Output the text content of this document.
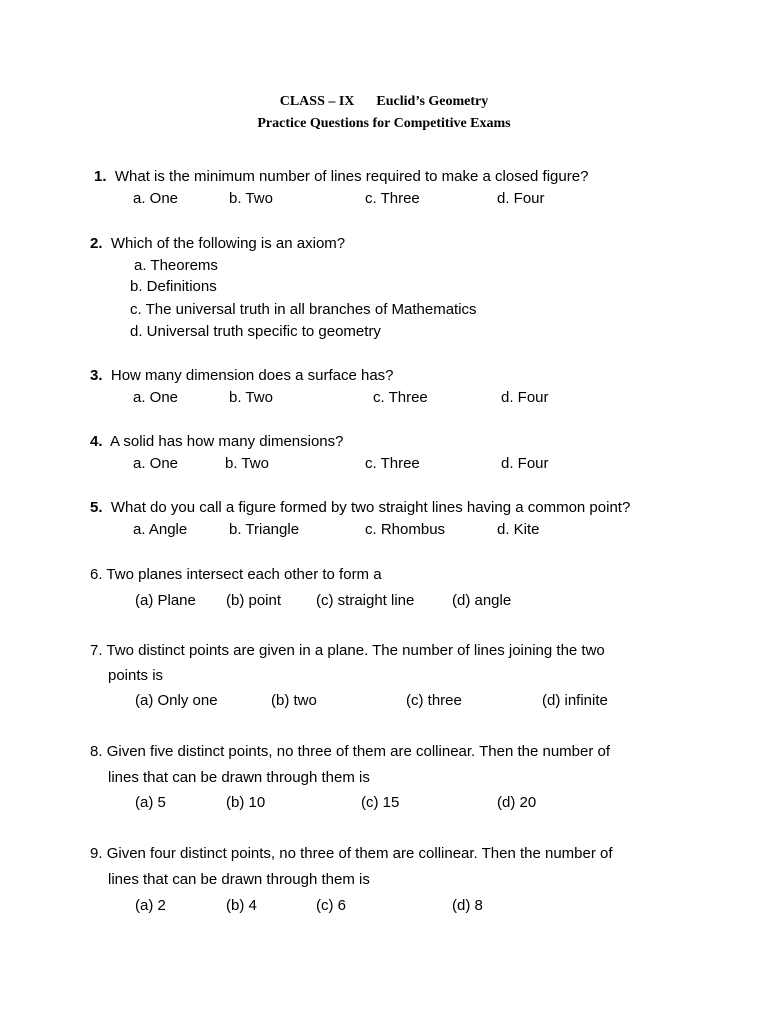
CLASS – IX Euclid’s Geometry
Practice Questions for Competitive Exams
1. What is the minimum number of lines required to make a closed figure?
a. One	b. Two	c. Three	d. Four
2. Which of the following is an axiom?
a. Theorems
b. Definitions
c. The universal truth in all branches of Mathematics
d. Universal truth specific to geometry
3. How many dimension does a surface has?
a. One	b. Two	c. Three	d. Four
4. A solid has how many dimensions?
a. One	b. Two	c. Three	d. Four
5. What do you call a figure formed by two straight lines having a common point?
a. Angle	b. Triangle	c. Rhombus	d. Kite
6. Two planes intersect each other to form a
(a) Plane (b) point (c) straight line	(d) angle
7. Two distinct points are given in a plane. The number of lines joining the two
points is
(a) Only one	(b) two	(c) three	(d) infinite
8. Given five distinct points, no three of them are collinear. Then the number of
lines that can be drawn through them is
(a) 5	(b) 10	(c) 15	(d) 20
9. Given four distinct points, no three of them are collinear. Then the number of
lines that can be drawn through them is
(a) 2	(b) 4	(c) 6	(d) 8
